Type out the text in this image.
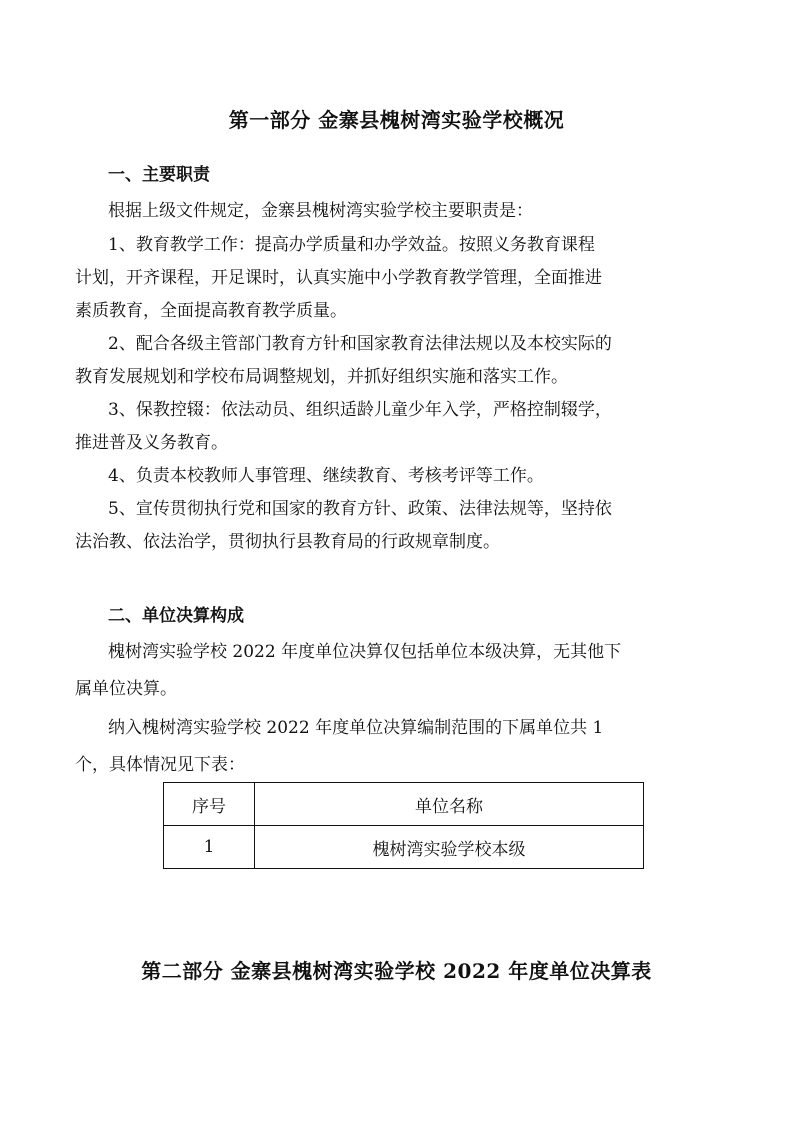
第一部分 金寨县槐树湾实验学校概况
一、主要职责
根据上级文件规定，金寨县槐树湾实验学校主要职责是：
1、教育教学工作：提高办学质量和办学效益。按照义务教育课程
计划，开齐课程，开足课时，认真实施中小学教育教学管理，全面推进
素质教育，全面提高教育教学质量。
2、配合各级主管部门教育方针和国家教育法律法规以及本校实际的
教育发展规划和学校布局调整规划，并抓好组织实施和落实工作。
3、保教控辍：依法动员、组织适龄儿童少年入学，严格控制辍学，
推进普及义务教育。
4、负责本校教师人事管理、继续教育、考核考评等工作。
5、宣传贯彻执行党和国家的教育方针、政策、法律法规等，坚持依
法治教、依法治学，贯彻执行县教育局的行政规章制度。
二、单位决算构成
槐树湾实验学校 2022 年度单位决算仅包括单位本级决算，无其他下
属单位决算。
纳入槐树湾实验学校 2022 年度单位决算编制范围的下属单位共 1
个，具体情况见下表：
序号	单位名称
1	槐树湾实验学校本级
第二部分 金寨县槐树湾实验学校 2022 年度单位决算表
